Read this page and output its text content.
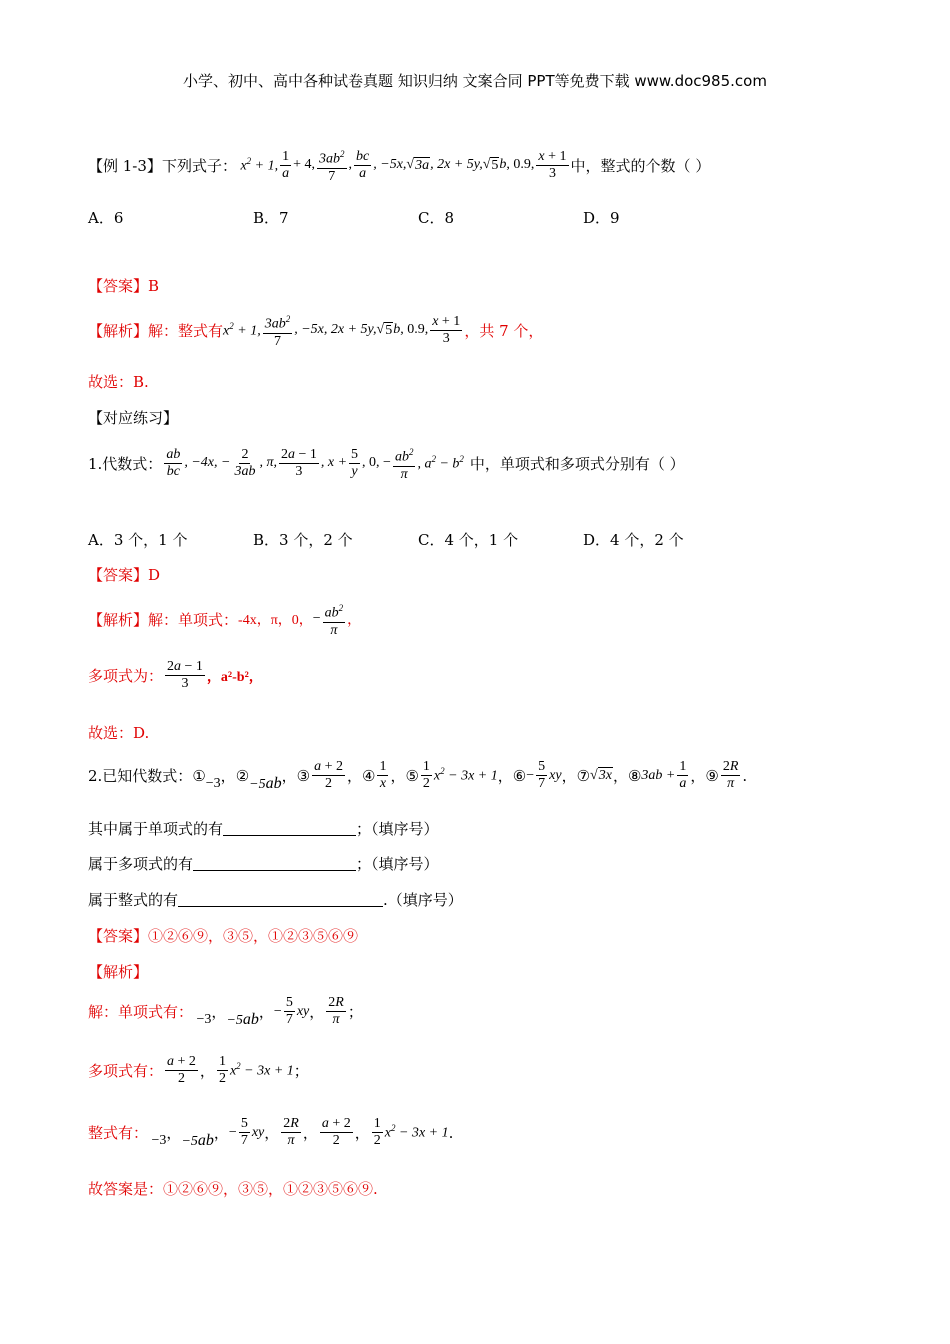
小学、初中、高中各种试卷真题 知识归纳 文案合同 PPT等免费下载 www.doc985.com
【例 1-3】 下列式子： $x^2 + 1$, $\frac{1}{a} + 4$, $\frac{3ab^2}{7}$ , $\frac{bc}{a}$ , −5x, √ 3a , 2x + 5y, √ 5 b , 0.9, $\frac{x + 1}{3}$ 中，整式的个数（ ）
A．6	B．7	C．8	D．9
【答案】B
【解析】 解：整式有 $x^2 + 1$, $\frac{3ab^2}{7}$ , −5x, 2x + 5y, √ 5 b , 0.9, $\frac{x + 1}{3}$ ，共 7 个，
故选：B.
【对应练习】
1.代数式： $\frac{ab}{bc}$ , −4x, − $\frac{2}{3ab}$ , π, $\frac{2a - 1}{3}$ , $x + \frac{5}{y}$ , 0, − $\frac{ab^2}{\pi}$ , $a^2 - b^2$ 中，单项式和多项式分别有（ ）
A．3 个，1 个	B．3 个，2 个	C．4 个，1 个	D．4 个，2 个
【答案】D
【解析】 解：单项式： -4x，π，0， − $\frac{ab^2}{\pi}$ ，
多项式为： $\frac{2a - 1}{3}$ ，a²-b²，
故选：D.
2.已知代数式： ① −3 ， ② −5ab ， ③ $\frac{a + 2}{2}$ ， ④ $\frac{1}{x}$ ， ⑤ $\frac{1}{2} x^2 - 3x + 1$ ， ⑥ − $\frac{5}{7}$ xy ， ⑦ √ 3x ， ⑧ $3ab + \frac{1}{a}$ ， ⑨ $\frac{2R}{\pi}$ .
其中属于单项式的有	；（填序号）
属于多项式的有	；（填序号）
属于整式的有	.（填序号）
【答案】①②⑥⑨，③⑤，①②③⑤⑥⑨
【解析】
解：单项式有： −3 ， −5ab ， − $\frac{5}{7}$ xy ， $\frac{2R}{\pi}$ ；
多项式有： $\frac{a + 2}{2}$ ， $\frac{1}{2} x^2 - 3x + 1$ ；
整式有： −3 ， −5ab ， − $\frac{5}{7}$ xy ， $\frac{2R}{\pi}$ ， $\frac{a + 2}{2}$ ， $\frac{1}{2} x^2 - 3x + 1$ .
故答案是：①②⑥⑨，③⑤，①②③⑤⑥⑨.
